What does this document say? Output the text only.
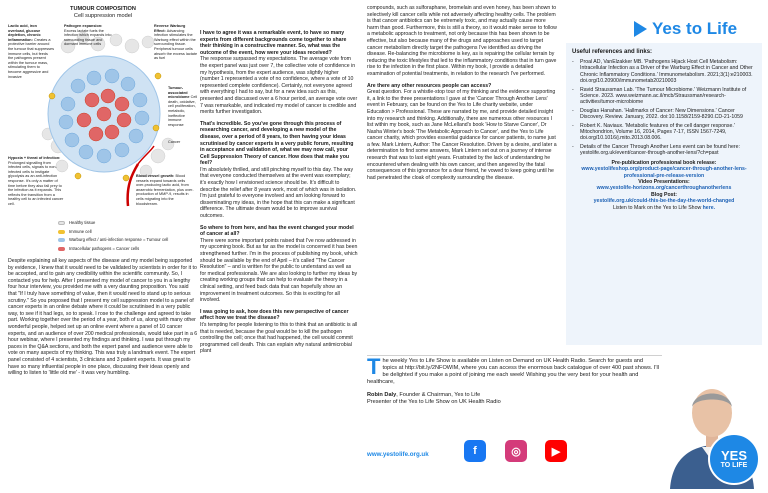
TUMOUR COMPOSITION
Cell suppression model
Lactic acid, iron overload, glucose depletion, chronic inflammation: Creates a protective barrier around the tumour that suppresses immune cells, but feeds the pathogens present within the tumour mass, stimulating them to become aggressive and invasive
Pathogen expansion: Excess lactate fuels the infection which expands into surrounding tissue and dormant immune cells
Reverse Warburg Effect: Advancing infection stimulates the Warburg effect within the surrounding tissue. Peripheral tumour cells absorb the excess lactate as fuel
Tumour-associated microbiome Cell death, oxidative, cell proliferation, metabolic, ineffective immune response
Cancer
Hypoxia + threat of infection: Prolonged signalling from infected cells, signals to non-infected cells to instigate glycolysis as an anti-infection response. It's only a matter of time before they also fall prey to the infection as it expands. This reflects the transition from a healthy cell to an infected cancer cell.
Blood vessel growth: Blood vessels expand towards cells over-producing lactic acid, from anaerobic fermentation, plus over-production of MMP-9, results in cells migrating into the bloodstream.
Healthy tissue
Immune cell
Warburg effect / anti-infection response = Tumour cell
Intracellular pathogens = Cancer cells
Despite explaining all key aspects of the disease and my model being supported by evidence, I knew that it would need to be validated by scientists in order for it to be accepted, and to gain any credibility within the scientific community. So, I contacted you for help. After I presented my model of cancer to you in a lengthy four hour interview, you provided me with a very daunting proposition. You said that "If I truly have something of value, then it would need to stand up to serious scrutiny." So you proposed that I present my cell suppression model to a panel of cancer experts in an online debate where it could be scrutinised in a very public way, to see if it had legs, so to speak. I rose to the challenge and agreed to take part. Working together over the period of a year, both of us, along with many other wonderful people, helped set up an online event where a panel of 10 cancer experts, and an audience of over 200 medical professionals, would take part in a 6 hour webinar, where I presented my findings and thinking. I was put through my paces in the Q&A sections, and both the expert panel and audience were able to vote on many aspects of my thinking. This was truly a landmark event. The expert panel consisted of 4 scientists, 3 clinicians and 3 patient experts. It was great to have so many influential people in one place, discussing their ideas openly and willing to listen to 'little old me' - it was very humbling.
I have to agree it was a remarkable event, to have so many experts from different backgrounds come together to share their thinking in a constructive manner. So, what was the outcome of the event, how were your ideas received?
The response surpassed my expectations. The average vote from the expert panel was just over 7, the collective vote of confidence in my hypothesis, from the expert audience, was slightly higher (number 1 represented a vote of no confidence, where a vote of 10 represented complete confidence). Certainly, not everyone agreed with everything I had to say, but for a new idea such as this, presented and discussed over a 6 hour period, an average vote over 7 was remarkable, and indicated my model of cancer is credible and merits further investigation.
That's incredible. So you've gone through this process of researching cancer, and developing a new model of the disease, over a period of 8 years, to then having your ideas scrutinised by cancer experts in a very public forum, resulting in acceptance and validation of, what we may now call, your Cell Suppression Theory of cancer. How does that make you feel?
I'm absolutely thrilled, and still pinching myself to this day. The way that everyone conducted themselves at the event was exemplary; it's exactly how I envisioned science should be. It's difficult to describe the relief after 8 years work, most of which was in isolation. I'm just grateful to everyone involved and am looking forward to disseminating my ideas, in the hope that this can make a significant difference. The ultimate dream would be to improve survival outcomes.
So where to from here, and has the event changed your model of cancer at all?
There were some important points raised that I've now addressed in my upcoming book. But as far as the model is concerned it has been strengthened further. I'm in the process of publishing my book, which should be available by the end of April – it's called "The Cancer Resolution" – and is written for the public to understand as well as for medical professionals. We are also looking to further my ideas by creating working groups that can help to evaluate the theory in a clinical setting, and feed back data that can hopefully show an improvement in treatment outcomes. So this is exciting for all involved.
I was going to ask, how does this new perspective of cancer affect how we treat the disease?
It's tempting for people listening to this to think that an antibiotic is all that is needed, because the goal would be to kill the pathogen controlling the cell; once that had happened, the cell would commit programmed cell death. This can explain why natural antimicrobial plant
compounds, such as sulforaphane, bromelain and even honey, has been shown to selectively kill cancer cells while not adversely affecting healthy cells. The problem is that cancer antibiotics can be extremely toxic, and may actually cause more harm than good. Furthermore, this is still a theory, so it would make sense to follow a metabolic approach to treatment, not only because this has been shown to be effective, but also because many of the drugs and approaches used to target cancer metabolism directly target the pathogens I've identified as driving the disease. Re-balancing the microbiome is key, as is repairing the cellular terrain by reducing the toxic lifestyles that led to the inflammatory conditions that in turn gave rise to the infection in the first place. Within my book, I provide a detailed examination of potential treatments, in relation to the research I've performed.
Are there any other resources people can access?
Great question. For a whistle-stop tour of my thinking and the evidence supporting it, a link to the three presentations I gave at the 'Cancer Through Another Lens' event in February, can be found on the Yes to Life charity website, under Education > Professional. These are narrated by me, and provide detailed insight into my research and thinking. Additionally, there are numerous other resources I list within my book, such as Jane McLelland's book 'How to Starve Cancer', Dr Nasha Winter's book 'The Metabolic Approach to Cancer', and the Yes to Life cancer charity, which provides essential guidance for cancer patients, to name just a few. Mark Lintern, Author: The Cancer Resolution. Driven by a desire, and later a determination to find some answers, Mark Lintern set out on a journey of intense research that was to last eight years. Frustrated by the lack of understanding he encountered when dealing with his own cancer, and then angered by the fatal consequences of this ignorance for a dear friend, he vowed to keep going until he had penetrated the cloak of complexity surrounding the disease.
Yes to Life
Useful references and links:
- Proal AD, VanElzakker MB. 'Pathogens Hijack Host Cell Metabolism: Intracellular Infection as a Driver of the Warburg Effect in Cancer and Other Chronic Inflammatory Conditions.' Immunometabolism. 2021;3(1):e210003. doi.org/10.20900/immunometab20210003
- Ravid Straussman Lab. 'The Tumour Microbiome.' Weizmann Institute of Science. 2023. www.weizmann.ac.il/mcb/Straussman/research-activities/tumor-microbiome
- Douglas Hanahan. 'Hallmarks of Cancer: New Dimensions.' Cancer Discovery. Review. January, 2022. doi:10.1158/2159-8290.CD-21-1059
- Robert K. Naviaux. 'Metabolic features of the cell danger response.' Mitochondrion, Volume 16, 2014, Pages 7-17, ISSN 1567-7249, doi.org/10.1016/j.mito.2013.08.006.
- Details of the Cancer Through Another Lens event can be found here: yestolife.org.uk/event/cancer-through-another-lens/?ch=past
Pre-publication professional book release:
www.yestolifeshop.org/product-page/cancer-through-another-lens-professional-pre-release-version
Video Presentations:
www.yestolife-horizons.org/cancerthroughanotherlens
Blog Post:
yestolife.org.uk/could-this-be-the-day-the-world-changed
Listen to Mark on the Yes to Life Show here.
T he weekly Yes to Life Show is available on Listen on Demand on UK Health Radio. Search for guests and topics at http://bit.ly/2NFOWIM, where you can access the enormous back catalogue of over 400 past shows. I'll be delighted if you make a point of joining me each week! Wishing you the very best for your health and healthcare,
Robin Daly, Founder & Chairman, Yes to Life
Presenter of the Yes to Life Show on UK Health Radio
www.yestolife.org.uk	f	◎	▶	YES
TO LIFE
